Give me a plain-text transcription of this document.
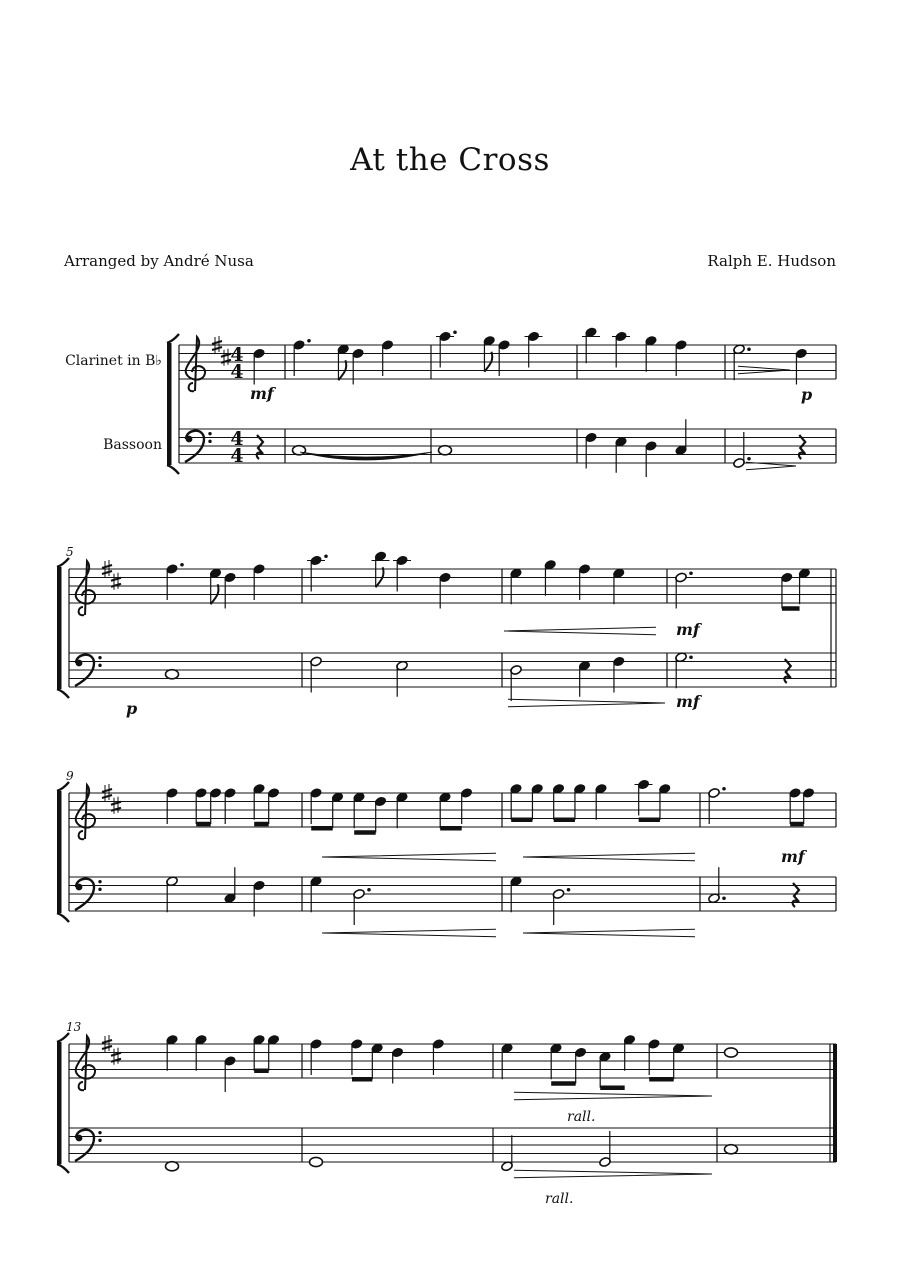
At the Cross
Arranged by André Nusa	Ralph E. Hudson
4
4
4
4
Clarinet in B♭
Bassoon
5
9
13
mf	p
p
mf
mf
mf
rall.
rall.
